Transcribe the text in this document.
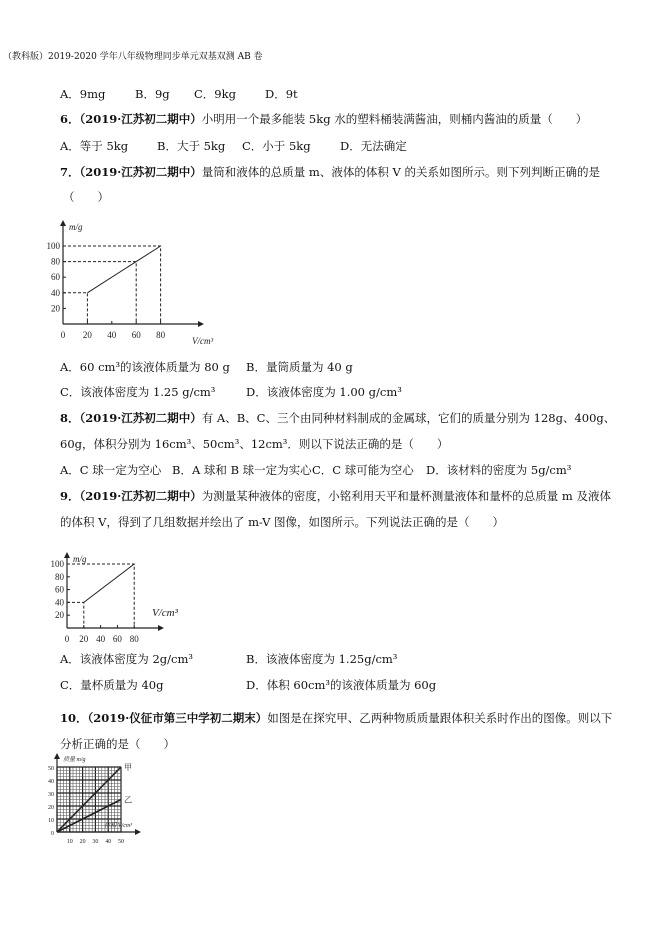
（教科版）2019-2020 学年八年级物理同步单元双基双测 AB 卷
A．9mg	B．9g C．9kg	D．9t
6．（2019·江苏初二期中）小明用一个最多能装 5kg 水的塑料桶装满酱油，则桶内酱油的质量（　　）
A．等于 5kg	B．大于 5kg C．小于 5kg	D．无法确定
7．（2019·江苏初二期中）量筒和液体的总质量 m、液体的体积 V 的关系如图所示。则下列判断正确的是
（　　）
0 20 40 60 80
20
40
60
80
100
m/g
V/cm³
A．60 cm³的该液体质量为 80 g B．量筒质量为 40 g
C．该液体密度为 1.25 g/cm³	D．该液体密度为 1.00 g/cm³
8．（2019·江苏初二期中）有 A、B、C、三个由同种材料制成的金属球，它们的质量分别为 128g、400g、
60g，体积分别为 16cm³、50cm³、12cm³．则以下说法正确的是（　　）
A．C 球一定为空心 B．A 球和 B 球一定为实心 C．C 球可能为空心 D．该材料的密度为 5g/cm³
9．（2019·江苏初二期中）为测量某种液体的密度，小铭利用天平和量杯测量液体和量杯的总质量 m 及液体
的体积 V，得到了几组数据并绘出了 m-V 图像，如图所示。下列说法正确的是（　　）
0 20 40 60 80
20
40
60
80
100 m/g
V/cm³
A．该液体密度为 2g/cm³	B．该液体密度为 1.25g/cm³
C．量杯质量为 40g	D．体积 60cm³的该液体质量为 60g
10．（2019·仪征市第三中学初二期末）如图是在探究甲、乙两种物质质量跟体积关系时作出的图像。则以下
分析正确的是（　　）
10 20 30 40 50
0
10
20
30
40
50	甲
乙
质量 m/g
体积 V/cm³
